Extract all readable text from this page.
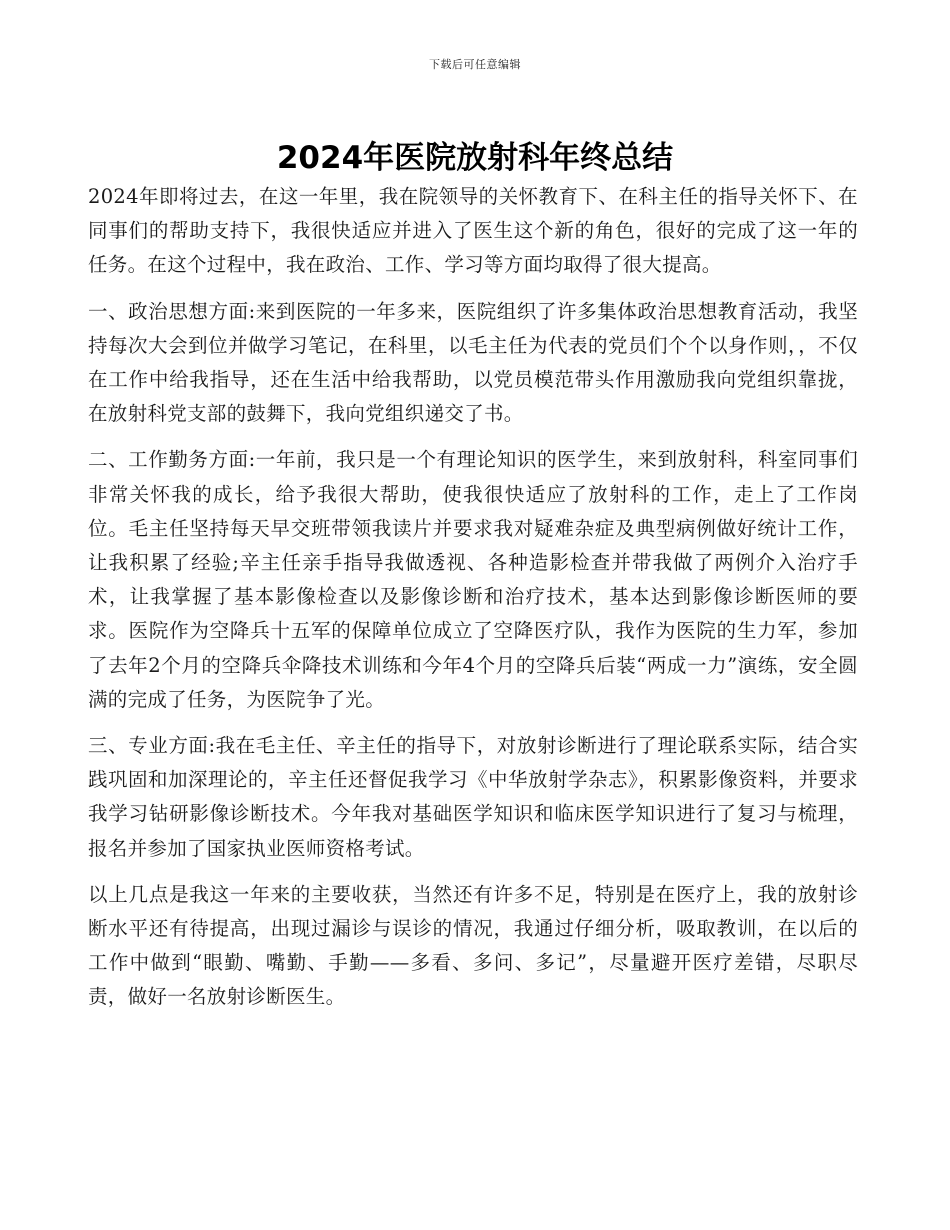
下载后可任意编辑
2024年医院放射科年终总结

2024年即将过去，在这一年里，我在院领导的关怀教育下、在科主任的指导关怀下、在同事们的帮助支持下，我很快适应并进入了医生这个新的角色，很好的完成了这一年的任务。在这个过程中，我在政治、工作、学习等方面均取得了很大提高。

一、政治思想方面:来到医院的一年多来，医院组织了许多集体政治思想教育活动，我坚持每次大会到位并做学习笔记，在科里，以毛主任为代表的党员们个个以身作则，，不仅在工作中给我指导，还在生活中给我帮助，以党员模范带头作用激励我向党组织靠拢，在放射科党支部的鼓舞下，我向党组织递交了书。

二、工作勤务方面:一年前，我只是一个有理论知识的医学生，来到放射科，科室同事们非常关怀我的成长，给予我很大帮助，使我很快适应了放射科的工作，走上了工作岗位。毛主任坚持每天早交班带领我读片并要求我对疑难杂症及典型病例做好统计工作，让我积累了经验;辛主任亲手指导我做透视、各种造影检查并带我做了两例介入治疗手术，让我掌握了基本影像检查以及影像诊断和治疗技术，基本达到影像诊断医师的要求。医院作为空降兵十五军的保障单位成立了空降医疗队，我作为医院的生力军，参加了去年2个月的空降兵伞降技术训练和今年4个月的空降兵后装“两成一力”演练，安全圆满的完成了任务，为医院争了光。

三、专业方面:我在毛主任、辛主任的指导下，对放射诊断进行了理论联系实际，结合实践巩固和加深理论的，辛主任还督促我学习《中华放射学杂志》，积累影像资料，并要求我学习钻研影像诊断技术。今年我对基础医学知识和临床医学知识进行了复习与梳理，报名并参加了国家执业医师资格考试。

以上几点是我这一年来的主要收获，当然还有许多不足，特别是在医疗上，我的放射诊断水平还有待提高，出现过漏诊与误诊的情况，我通过仔细分析，吸取教训，在以后的工作中做到“眼勤、嘴勤、手勤——多看、多问、多记”，尽量避开医疗差错，尽职尽责，做好一名放射诊断医生。
